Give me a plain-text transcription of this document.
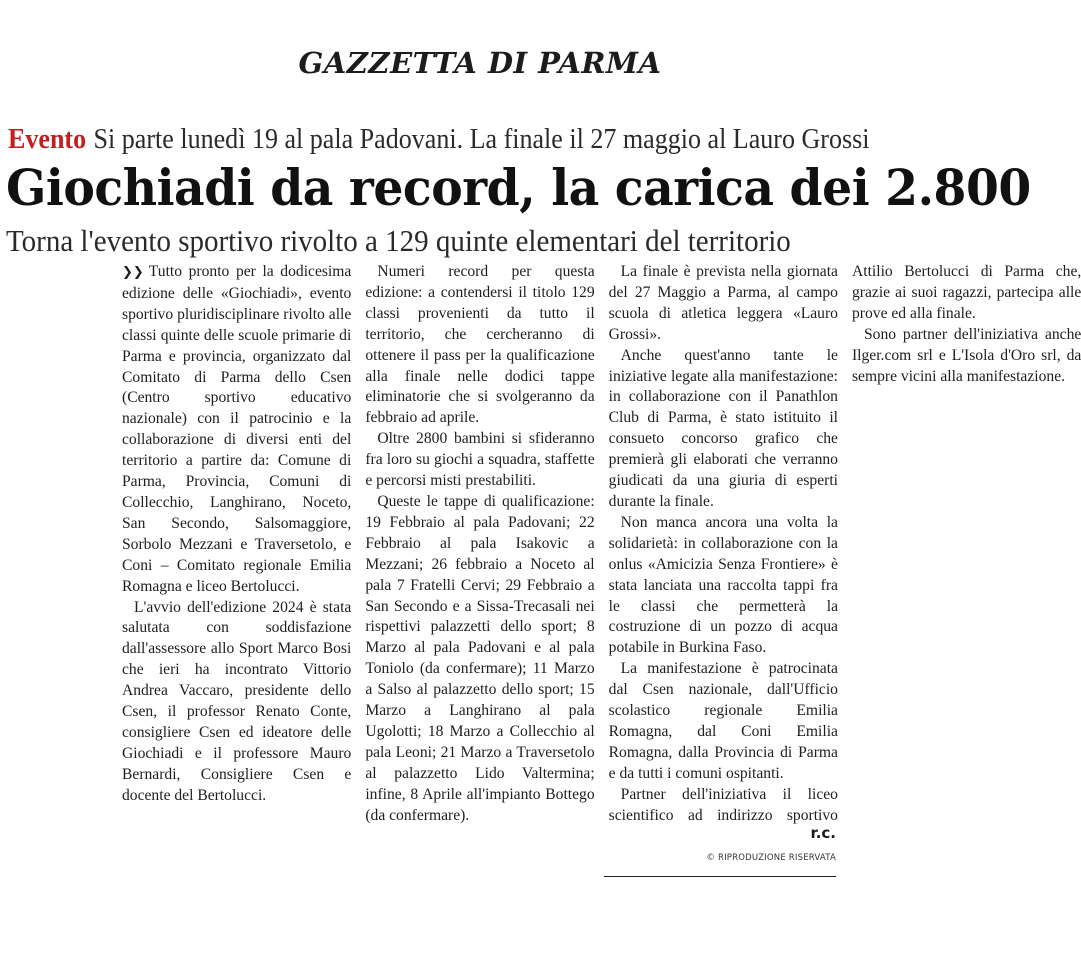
GAZZETTA DI PARMA
Evento Si parte lunedì 19 al pala Padovani. La finale il 27 maggio al Lauro Grossi
Giochiadi da record, la carica dei 2.800
Torna l'evento sportivo rivolto a 129 quinte elementari del territorio

❯❯ Tutto pronto per la dodicesima edizione delle «Giochiadi», evento sportivo pluridisciplinare rivolto alle classi quinte delle scuole primarie di Parma e provincia, organizzato dal Comitato di Parma dello Csen (Centro sportivo educativo nazionale) con il patrocinio e la collaborazione di diversi enti del territorio a partire da: Comune di Parma, Provincia, Comuni di Collecchio, Langhirano, Noceto, San Secondo, Salsomaggiore, Sorbolo Mezzani e Traversetolo, e Coni – Comitato regionale Emilia Romagna e liceo Bertolucci.

L'avvio dell'edizione 2024 è stata salutata con soddisfazione dall'assessore allo Sport Marco Bosi che ieri ha incontrato Vittorio Andrea Vaccaro, presidente dello Csen, il professor Renato Conte, consigliere Csen ed ideatore delle Giochiadi e il professore Mauro Bernardi, Consigliere Csen e docente del Bertolucci.

Numeri record per questa edizione: a contendersi il titolo 129 classi provenienti da tutto il territorio, che cercheranno di ottenere il pass per la qualificazione alla finale nelle dodici tappe eliminatorie che si svolgeranno da febbraio ad aprile.

Oltre 2800 bambini si sfideranno fra loro su giochi a squadra, staffette e percorsi misti prestabiliti.

Queste le tappe di qualificazione: 19 Febbraio al pala Padovani; 22 Febbraio al pala Isakovic a Mezzani; 26 febbraio a Noceto al pala 7 Fratelli Cervi; 29 Febbraio a San Secondo e a Sissa-Trecasali nei rispettivi palazzetti dello sport; 8 Marzo al pala Padovani e al pala Toniolo (da confermare); 11 Marzo a Salso al palazzetto dello sport; 15 Marzo a Langhirano al pala Ugolotti; 18 Marzo a Collecchio al pala Leoni; 21 Marzo a Traversetolo al palazzetto Lido Valtermina; infine, 8 Aprile all'impianto Bottego (da confermare).

La finale è prevista nella giornata del 27 Maggio a Parma, al campo scuola di atletica leggera «Lauro Grossi».

Anche quest'anno tante le iniziative legate alla manifestazione: in collaborazione con il Panathlon Club di Parma, è stato istituito il consueto concorso grafico che premierà gli elaborati che verranno giudicati da una giuria di esperti durante la finale.

Non manca ancora una volta la solidarietà: in collaborazione con la onlus «Amicizia Senza Frontiere» è stata lanciata una raccolta tappi fra le classi che permetterà la costruzione di un pozzo di acqua potabile in Burkina Faso.

La manifestazione è patrocinata dal Csen nazionale, dall'Ufficio scolastico regionale Emilia Romagna, dal Coni Emilia Romagna, dalla Provincia di Parma e da tutti i comuni ospitanti.

Partner dell'iniziativa il liceo scientifico ad indirizzo sportivo Attilio Bertolucci di Parma che, grazie ai suoi ragazzi, partecipa alle prove ed alla finale.

Sono partner dell'iniziativa anche Ilger.com srl e L'Isola d'Oro srl, da sempre vicini alla manifestazione.

r.c.
© RIPRODUZIONE RISERVATA
